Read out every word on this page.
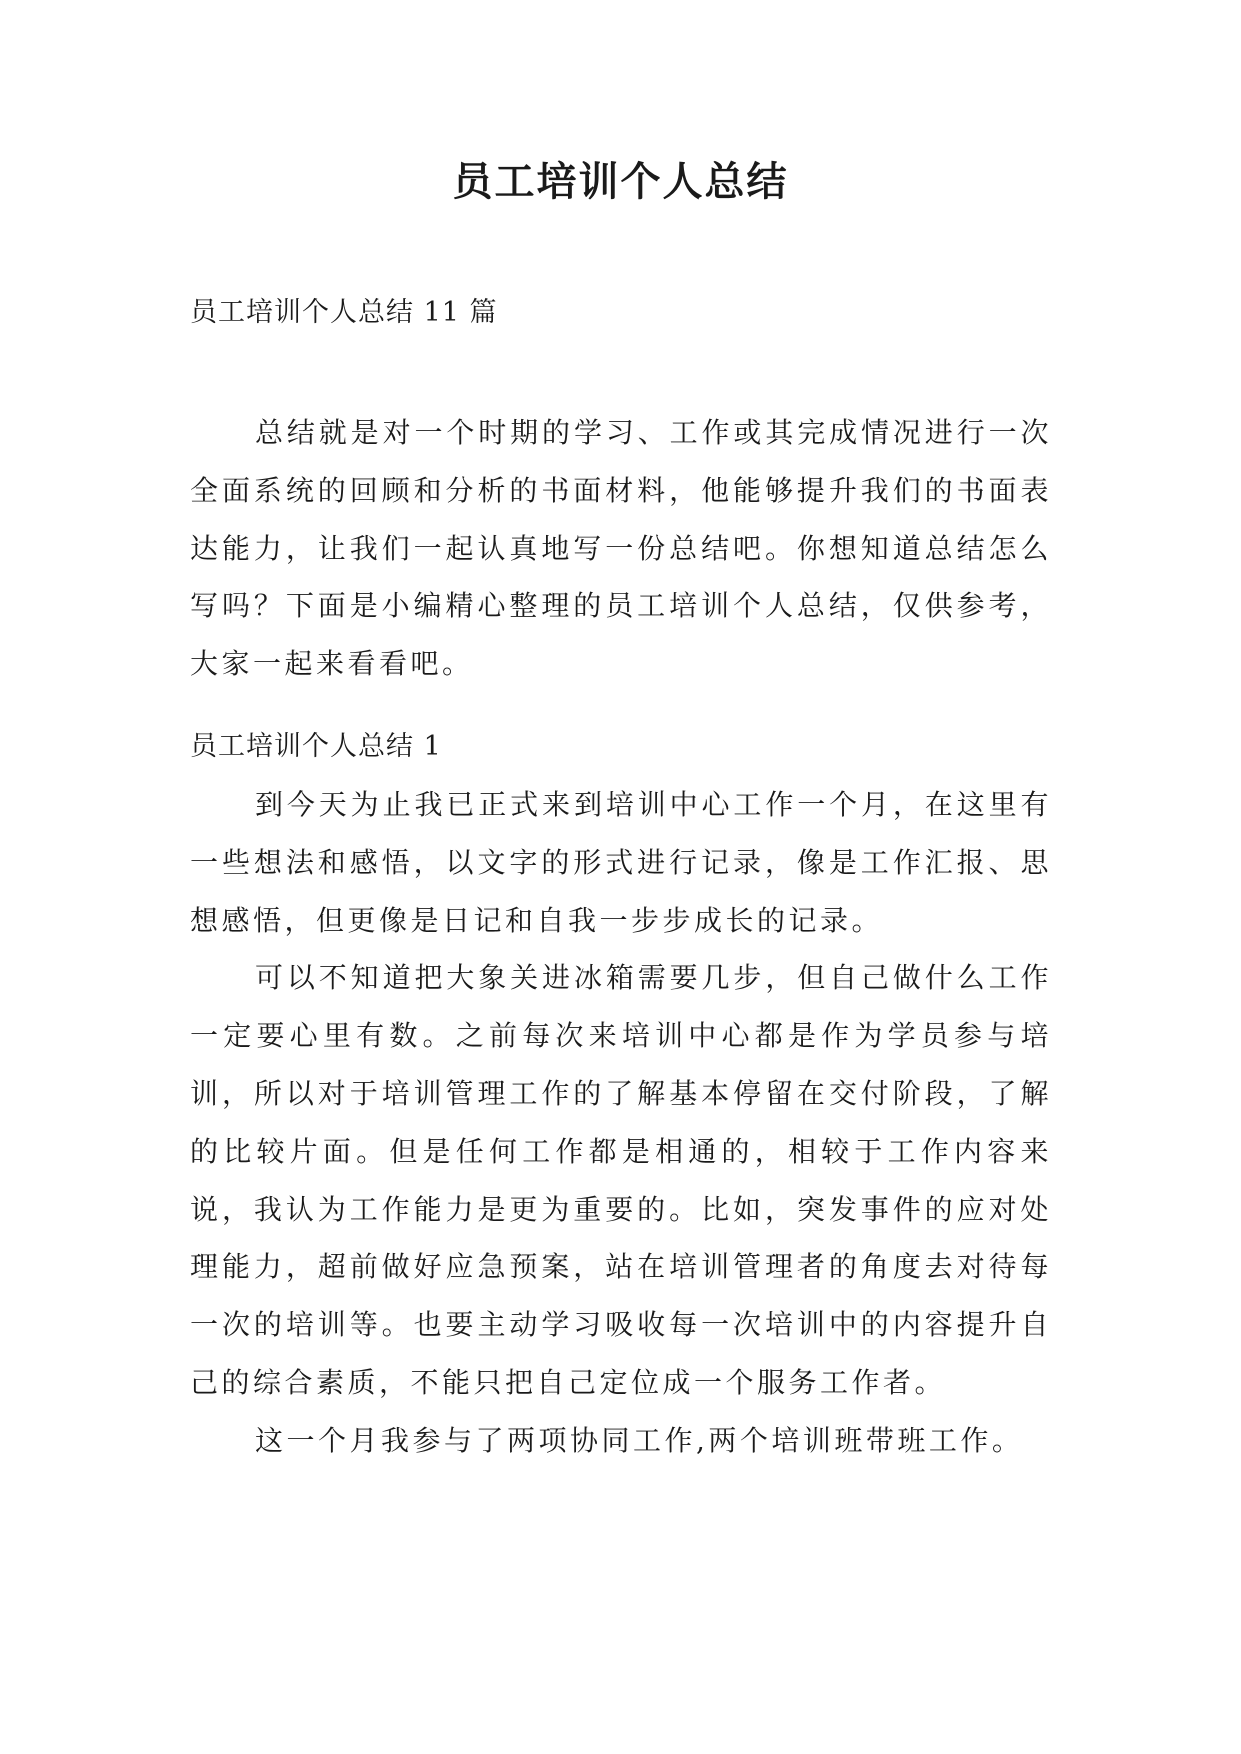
员工培训个人总结

员工培训个人总结 11 篇

总结就是对一个时期的学习、工作或其完成情况进行一次全面系统的回顾和分析的书面材料，他能够提升我们的书面表达能力，让我们一起认真地写一份总结吧。你想知道总结怎么写吗？下面是小编精心整理的员工培训个人总结，仅供参考，大家一起来看看吧。

员工培训个人总结 1

到今天为止我已正式来到培训中心工作一个月，在这里有一些想法和感悟，以文字的形式进行记录，像是工作汇报、思想感悟，但更像是日记和自我一步步成长的记录。

可以不知道把大象关进冰箱需要几步，但自己做什么工作一定要心里有数。之前每次来培训中心都是作为学员参与培训，所以对于培训管理工作的了解基本停留在交付阶段，了解的比较片面。但是任何工作都是相通的，相较于工作内容来说，我认为工作能力是更为重要的。比如，突发事件的应对处理能力，超前做好应急预案，站在培训管理者的角度去对待每一次的培训等。也要主动学习吸收每一次培训中的内容提升自己的综合素质，不能只把自己定位成一个服务工作者。

这一个月我参与了两项协同工作,两个培训班带班工作。
